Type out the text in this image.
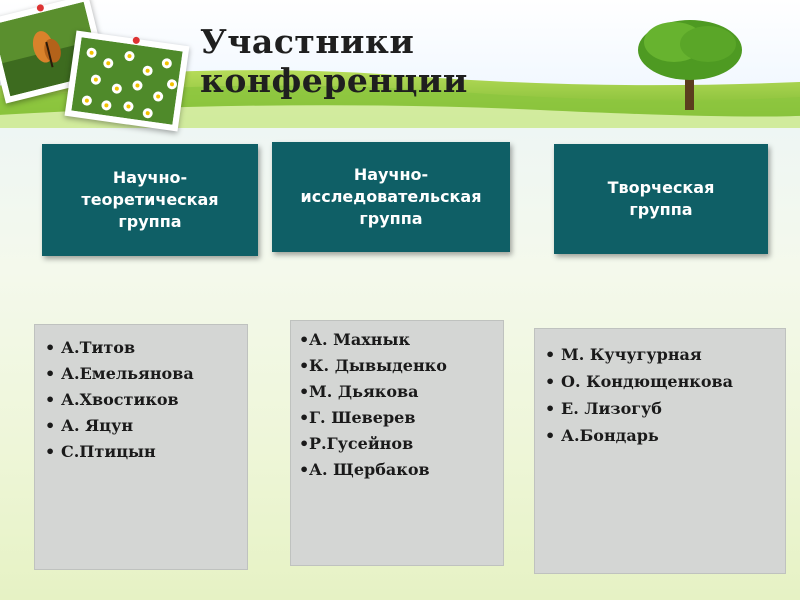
Участники конференции
Научно-
теоретическая
группа
Научно-
исследовательская
группа
Творческая
группа
• А.Титов
• А.Емельянова
• А.Хвостиков
• А. Яцун
• С.Птицын
•А. Махнык
•К. Дывыденко
•М. Дьякова
•Г. Шеверев
•Р.Гусейнов
•А. Щербаков
• М. Кучугурная
• О. Кондющенкова
• Е. Лизогуб
• А.Бондарь
